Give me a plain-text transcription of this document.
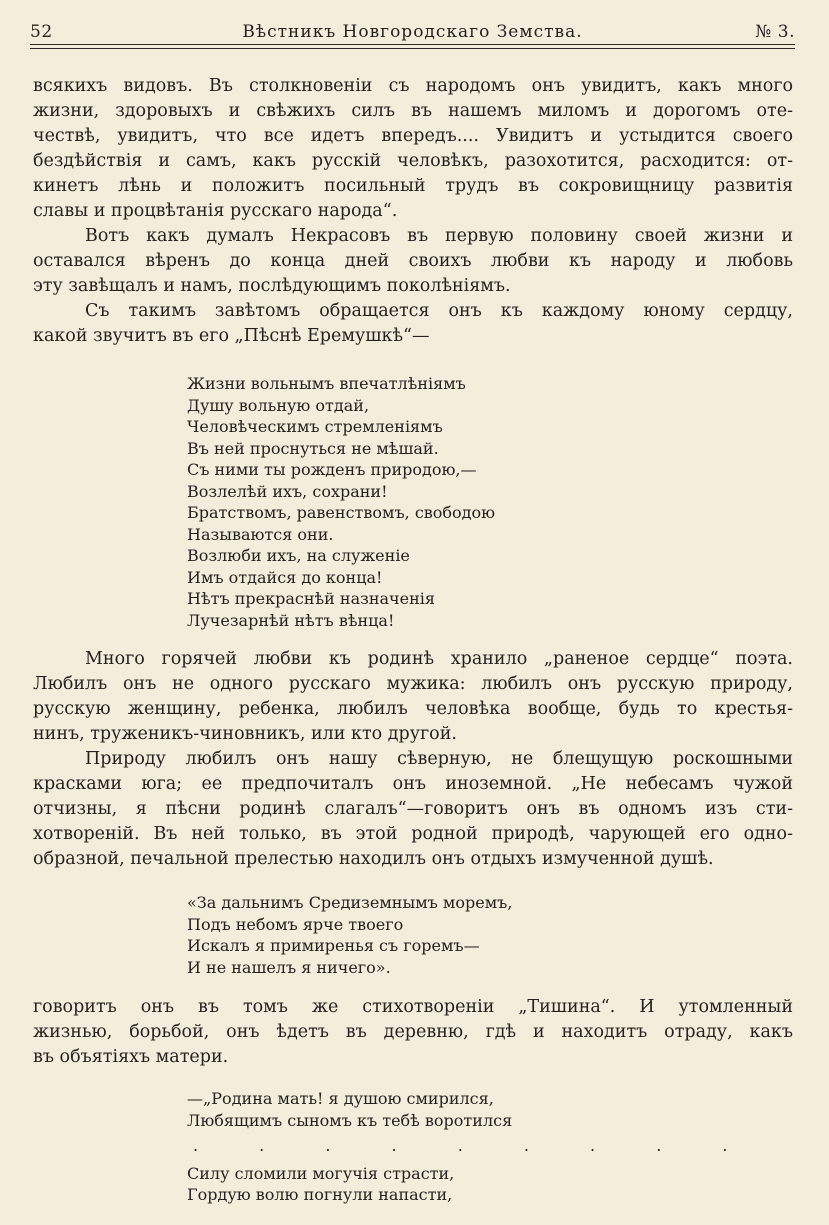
52	Вѣстникъ Новгородскаго Земства.	№ 3.
всякихъ видовъ. Въ столкновеніи съ народомъ онъ увидитъ, какъ много
жизни, здоровыхъ и свѣжихъ силъ въ нашемъ миломъ и дорогомъ оте-
чествѣ, увидитъ, что все идетъ впередъ.... Увидитъ и устыдится своего
бездѣйствія и самъ, какъ русскій человѣкъ, разохотится, расходится: от-
кинетъ лѣнь и положитъ посильный трудъ въ сокровищницу развитія
славы и процвѣтанія русскаго народа“.
Вотъ какъ думалъ Некрасовъ въ первую половину своей жизни и
оставался вѣренъ до конца дней своихъ любви къ народу и любовь
эту завѣщалъ и намъ, послѣдующимъ поколѣніямъ.
Съ такимъ завѣтомъ обращается онъ къ каждому юному сердцу,
какой звучитъ въ его „Пѣснѣ Еремушкѣ“—
Жизни вольнымъ впечатлѣніямъ
Душу вольную отдай,
Человѣческимъ стремленіямъ
Въ ней проснуться не мѣшай.
Съ ними ты рожденъ природою,—
Возлелѣй ихъ, сохрани!
Братствомъ, равенствомъ, свободою
Называются они.
Возлюби ихъ, на служеніе
Имъ отдайся до конца!
Нѣтъ прекраснѣй назначенія
Лучезарнѣй нѣтъ вѣнца!
Много горячей любви къ родинѣ хранило „раненое сердце“ поэта.
Любилъ онъ не одного русскаго мужика: любилъ онъ русскую природу,
русскую женщину, ребенка, любилъ человѣка вообще, будь то крестья-
нинъ, труженикъ-чиновникъ, или кто другой.
Природу любилъ онъ нашу сѣверную, не блещущую роскошными
красками юга; ее предпочиталъ онъ иноземной. „Не небесамъ чужой
отчизны, я пѣсни родинѣ слагалъ“—говоритъ онъ въ одномъ изъ сти-
хотвореній. Въ ней только, въ этой родной природѣ, чарующей его одно-
образной, печальной прелестью находилъ онъ отдыхъ измученной душѣ.
«За дальнимъ Средиземнымъ моремъ,
Подъ небомъ ярче твоего
Искалъ я примиренья съ горемъ—
И не нашелъ я ничего».
говоритъ онъ въ томъ же стихотвореніи „Тишина“. И утомленный
жизнью, борьбой, онъ ѣдетъ въ деревню, гдѣ и находитъ отраду, какъ
въ объятіяхъ матери.
—„Родина мать! я душою смирился,
Любящимъ сыномъ къ тебѣ воротился
. . . . . . . . .
Силу сломили могучія страсти,
Гордую волю погнули напасти,
